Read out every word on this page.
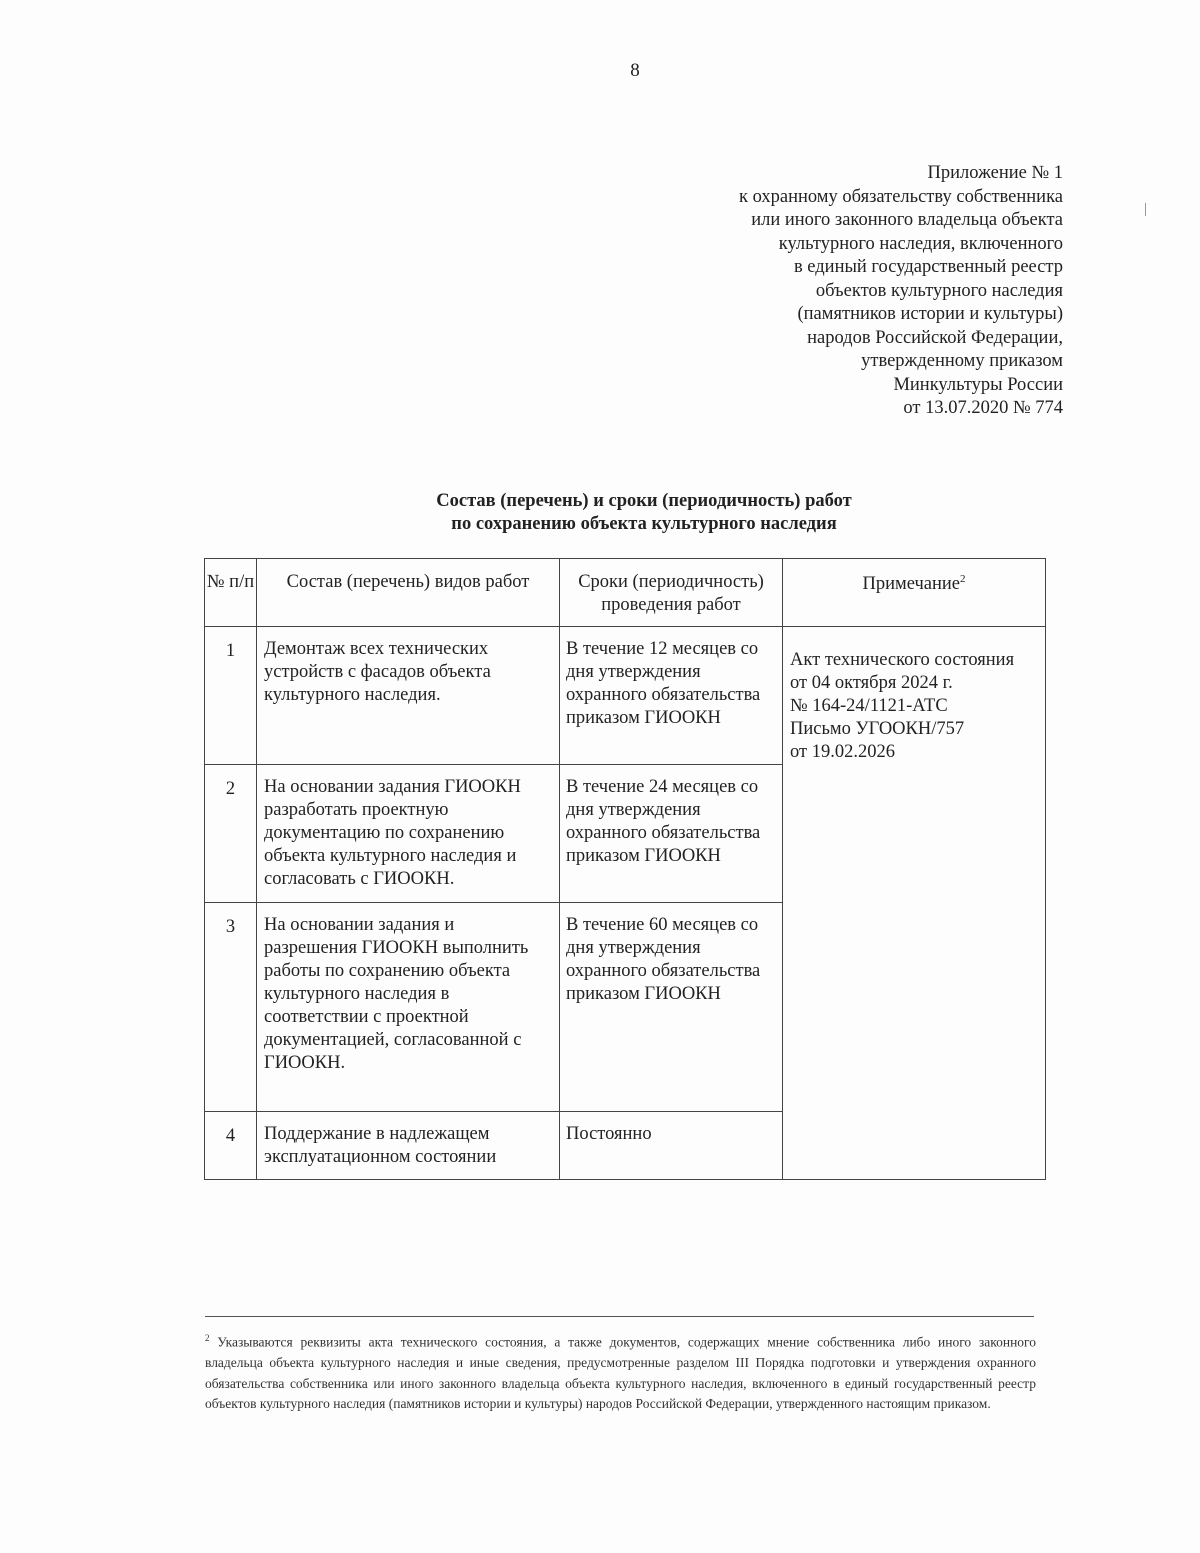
8
Приложение № 1
к охранному обязательству собственника
или иного законного владельца объекта
культурного наследия, включенного
в единый государственный реестр
объектов культурного наследия
(памятников истории и культуры)
народов Российской Федерации,
утвержденному приказом
Минкультуры России
от 13.07.2020 № 774
Состав (перечень) и сроки (периодичность) работ
по сохранению объекта культурного наследия
№ п/п	Состав (перечень) видов работ	Сроки (периодичность) проведения работ	Примечание$^2$
1	Демонтаж всех технических устройств с фасадов объекта культурного наследия.	В течение 12 месяцев со дня утверждения охранного обязательства приказом ГИООКН	Акт технического состояния
от 04 октября 2024 г.
№ 164-24/1121-АТС
Письмо УГООКН/757
от 19.02.2026

2	На основании задания ГИООКН разработать проектную документацию по сохранению объекта культурного наследия и согласовать с ГИООКН.	В течение 24 месяцев со дня утверждения охранного обязательства приказом ГИООКН	
3	На основании задания и разрешения ГИООКН выполнить работы по сохранению объекта культурного наследия в соответствии с проектной документацией, согласованной с ГИООКН.	В течение 60 месяцев со дня утверждения охранного обязательства приказом ГИООКН	
4	Поддержание в надлежащем эксплуатационном состоянии	Постоянно	
$^2$ Указываются реквизиты акта технического состояния, а также документов, содержащих мнение собственника либо иного законного владельца объекта культурного наследия и иные сведения, предусмотренные разделом III Порядка подготовки и утверждения охранного обязательства собственника или иного законного владельца объекта культурного наследия, включенного в единый государственный реестр объектов культурного наследия (памятников истории и культуры) народов Российской Федерации, утвержденного настоящим приказом.
